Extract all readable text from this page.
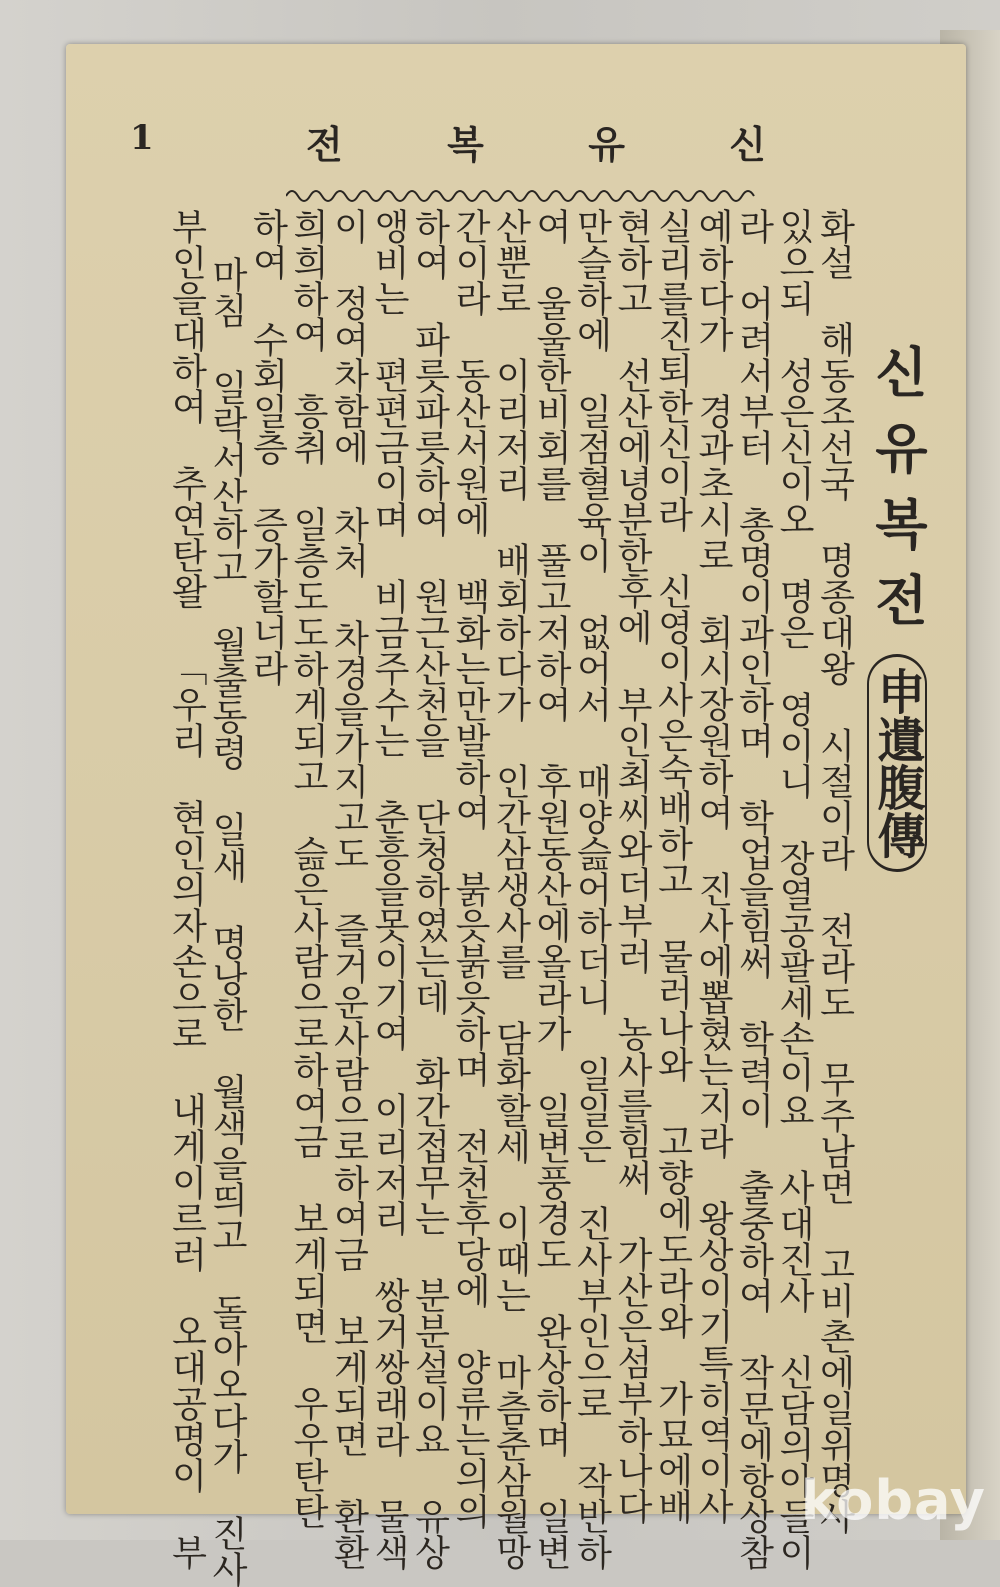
1	전	복	유	신
신유복전
申遺腹傳
화설 해동조선국 명종대왕 시절이라 전라도 무주남면 고비촌에일위명사
있으되 성은신이오 명은 영이니 장열공팔세손이요 사대진사 신담의아들이
라 어려서부터 총명이과인하며 학업을힘써 학력이 출중하여 작문에항상참
예하다가 경과초시로 회시장원하여 진사에뽑혔는지라 왕상이기특히역이사
실리를진퇴한신이라 신영이사은숙배하고 물러나와 고향에도라와 가묘에배
현하고 선산에녕분한후에 부인최씨와더부러 농사를힘써 가산은섬부하나다
만슬하에 일점혈육이 없어서 매양슲어하더니 일일은 진사부인으로 작반하
여 울울한비회를 풀고저하여 후원동산에올라가 일변풍경도 완상하며 일변
산뿐로 이리저리 배회하다가 인간삼생사를 담화할세 이때는 마츰춘삼월망
간이라 동산서원에 백화는만발하여 붉읏붉읏하며 전천후당에 양류는의의
하여 파릇파릇하여 원근산천을 단청하였는데 화간접무는 분분설이요 유상
앵비는 편편금이며 비금주수는 춘흥을못이기여 이리저리 쌍거쌍래라 물색
이 정여차함에 차처 차경을가지고도 즐거운사람으로하여금 보게되면 환환
희희하여 흥취 일층도도하게되고 슲은사람으로하여금 보게되면 우우탄탄
하여 수회일층 증가할너라
마침 일락서산하고 월출동령 일새 명낭한 월색을띄고 돌아오다가 진사
부인을대하여 추연탄왈 「우리 현인의자손으로 내게이르러 오대공명이 부	kobay
